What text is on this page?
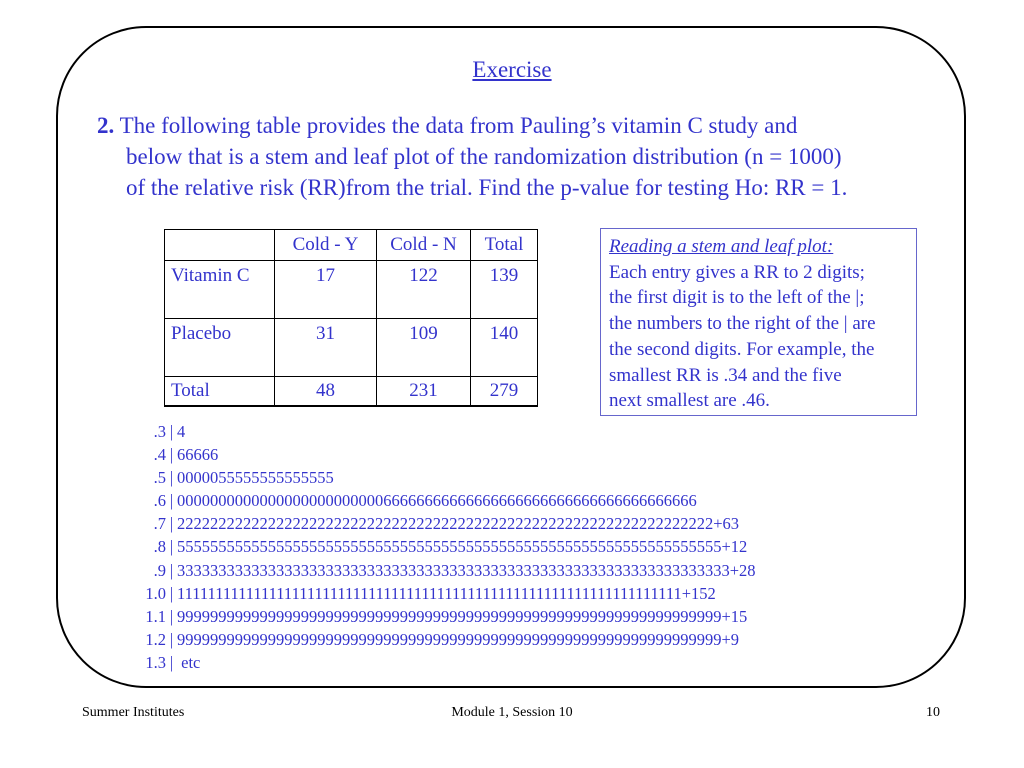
Exercise
2. The following table provides the data from Pauling’s vitamin C study and
below that is a stem and leaf plot of the randomization distribution (n = 1000)
of the relative risk (RR)from the trial. Find the p-value for testing Ho: RR = 1.
	Cold - Y	Cold - N	Total
Vitamin C	17	122	139
Placebo	31	109	140
Total	48	231	279
Reading a stem and leaf plot:
Each entry gives a RR to 2 digits;
the first digit is to the left of the |;
the numbers to the right of the | are
the second digits. For example, the
smallest RR is .34 and the five
next smallest are .46.
.3 | 4
.4 | 66666
.5 | 0000055555555555555
.6 | 000000000000000000000000066666666666666666666666666666666666666
.7 | 22222222222222222222222222222222222222222222222222222222222222222+63
.8 | 555555555555555555555555555555555555555555555555555555555555555555+12
.9 | 3333333333333333333333333333333333333333333333333333333333333333333+28
1.0 | 111111111111111111111111111111111111111111111111111111111111111111+152
1.1 | 999999999999999999999999999999999999999999999999999999999999999999+15
1.2 | 999999999999999999999999999999999999999999999999999999999999999999+9
1.3 | etc
Summer Institutes	Module 1, Session 10	10
